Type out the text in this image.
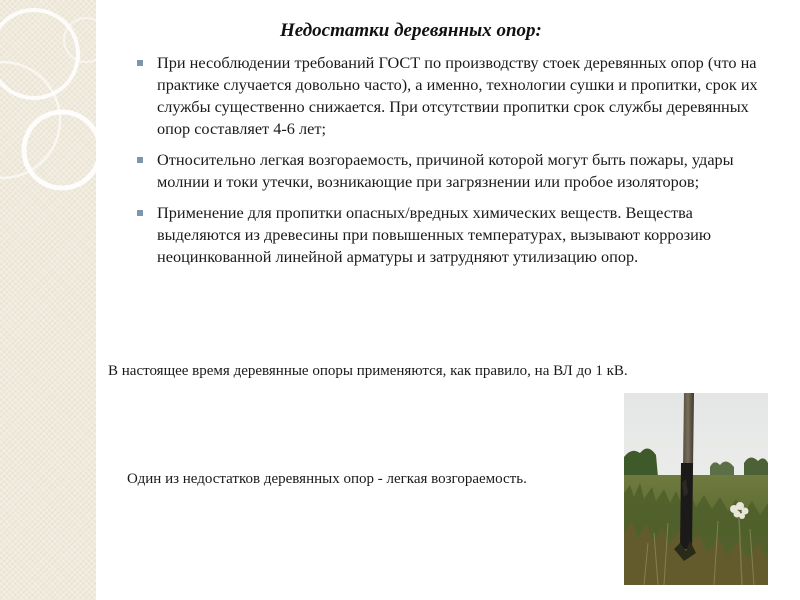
Недостатки деревянных опор:
При несоблюдении требований ГОСТ по производству стоек деревянных опор (что на практике случается довольно часто), а именно, технологии сушки и пропитки, срок их службы существенно снижается. При отсутствии пропитки срок службы деревянных опор составляет 4-6 лет;
Относительно легкая возгораемость, причиной которой могут быть пожары, удары молнии и токи утечки, возникающие при загрязнении или пробое изоляторов;
Применение для пропитки опасных/вредных химических веществ. Вещества выделяются из древесины при повышенных температурах, вызывают коррозию неоцинкованной линейной арматуры и затрудняют утилизацию опор.
В настоящее время деревянные опоры применяются, как правило, на ВЛ до 1 кВ.
Один из недостатков деревянных опор - легкая возгораемость.
